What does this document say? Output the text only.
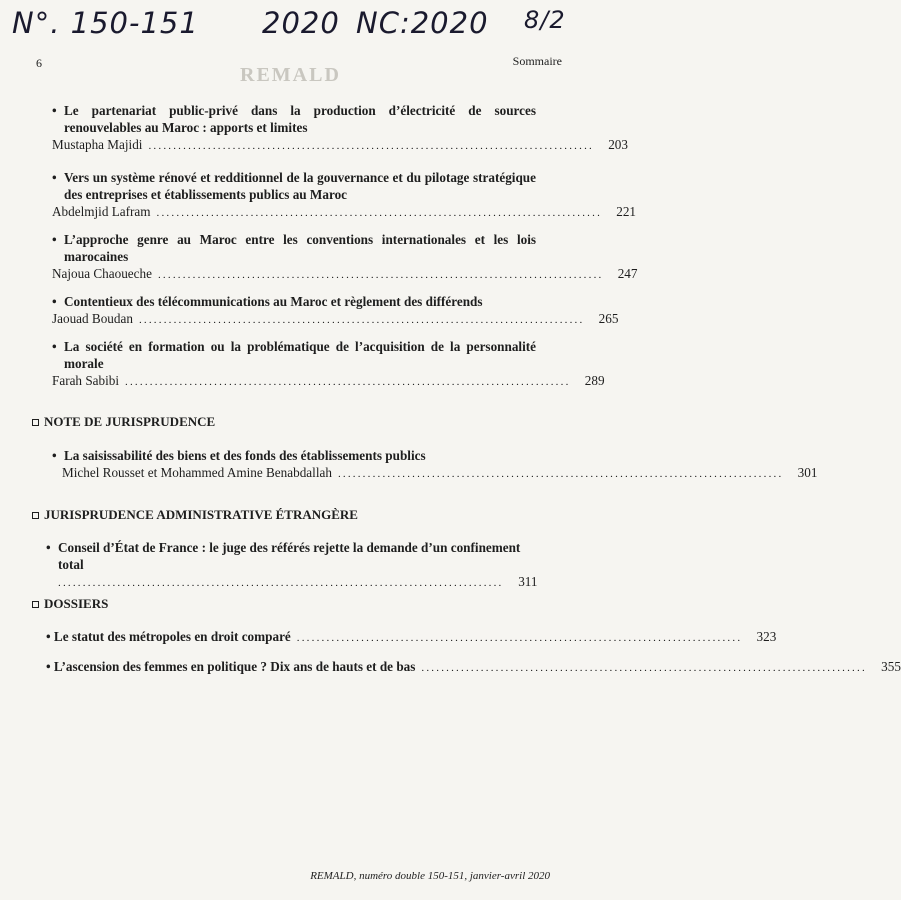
REMALD
N°. 150-151 2020 NC:2020 8/2
6	Sommaire
• Le partenariat public-privé dans la production d’électricité de sources renouvelables au Maroc : apports et limites
Mustapha Majidi ..........................................................................................	203
• Vers un système rénové et redditionnel de la gouvernance et du pilotage stratégique des entreprises et établissements publics au Maroc
Abdelmjid Lafram ..........................................................................................	221
• L’approche genre au Maroc entre les conventions internationales et les lois marocaines
Najoua Chaoueche ..........................................................................................	247
• Contentieux des télécommunications au Maroc et règlement des différends
Jaouad Boudan ..........................................................................................	265
• La société en formation ou la problématique de l’acquisition de la personnalité morale
Farah Sabibi ..........................................................................................	289
NOTE DE JURISPRUDENCE
• La saisissabilité des biens et des fonds des établissements publics
Michel Rousset et Mohammed Amine Benabdallah ..........................................................................................	301
JURISPRUDENCE ADMINISTRATIVE ÉTRANGÈRE
• Conseil d’État de France : le juge des référés rejette la demande d’un confinement total
..........................................................................................	311
DOSSIERS
• Le statut des métropoles en droit comparé ..........................................................................................	323
• L’ascension des femmes en politique ? Dix ans de hauts et de bas ..........................................................................................	355
REMALD, numéro double 150-151, janvier-avril 2020
